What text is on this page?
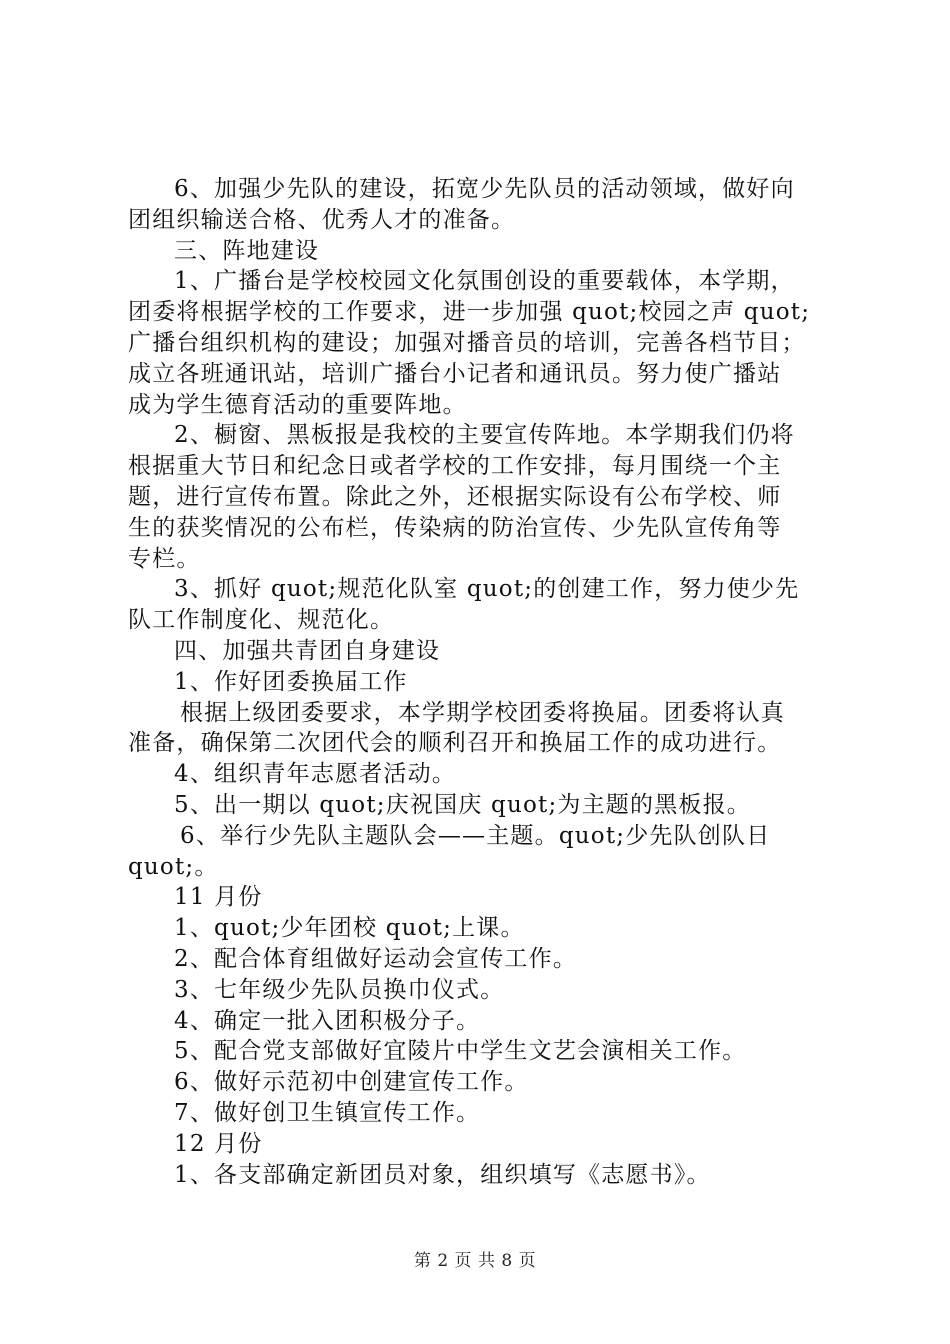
6、加强少先队的建设，拓宽少先队员的活动领域，做好向
团组织输送合格、优秀人才的准备。
三、阵地建设
1、广播台是学校校园文化氛围创设的重要载体，本学期，
团委将根据学校的工作要求，进一步加强 quot;校园之声 quot;
广播台组织机构的建设；加强对播音员的培训，完善各档节目；
成立各班通讯站，培训广播台小记者和通讯员。努力使广播站
成为学生德育活动的重要阵地。
2、橱窗、黑板报是我校的主要宣传阵地。本学期我们仍将
根据重大节日和纪念日或者学校的工作安排，每月围绕一个主
题，进行宣传布置。除此之外，还根据实际设有公布学校、师
生的获奖情况的公布栏，传染病的防治宣传、少先队宣传角等
专栏。
3、抓好 quot;规范化队室 quot;的创建工作，努力使少先
队工作制度化、规范化。
四、加强共青团自身建设
1、作好团委换届工作
根据上级团委要求，本学期学校团委将换届。团委将认真
准备，确保第二次团代会的顺利召开和换届工作的成功进行。
4、组织青年志愿者活动。
5、出一期以 quot;庆祝国庆 quot;为主题的黑板报。
6、举行少先队主题队会——主题。quot;少先队创队日
quot;。
11 月份
1、quot;少年团校 quot;上课。
2、配合体育组做好运动会宣传工作。
3、七年级少先队员换巾仪式。
4、确定一批入团积极分子。
5、配合党支部做好宜陵片中学生文艺会演相关工作。
6、做好示范初中创建宣传工作。
7、做好创卫生镇宣传工作。
12 月份
1、各支部确定新团员对象，组织填写《志愿书》。
第 2 页 共 8 页
